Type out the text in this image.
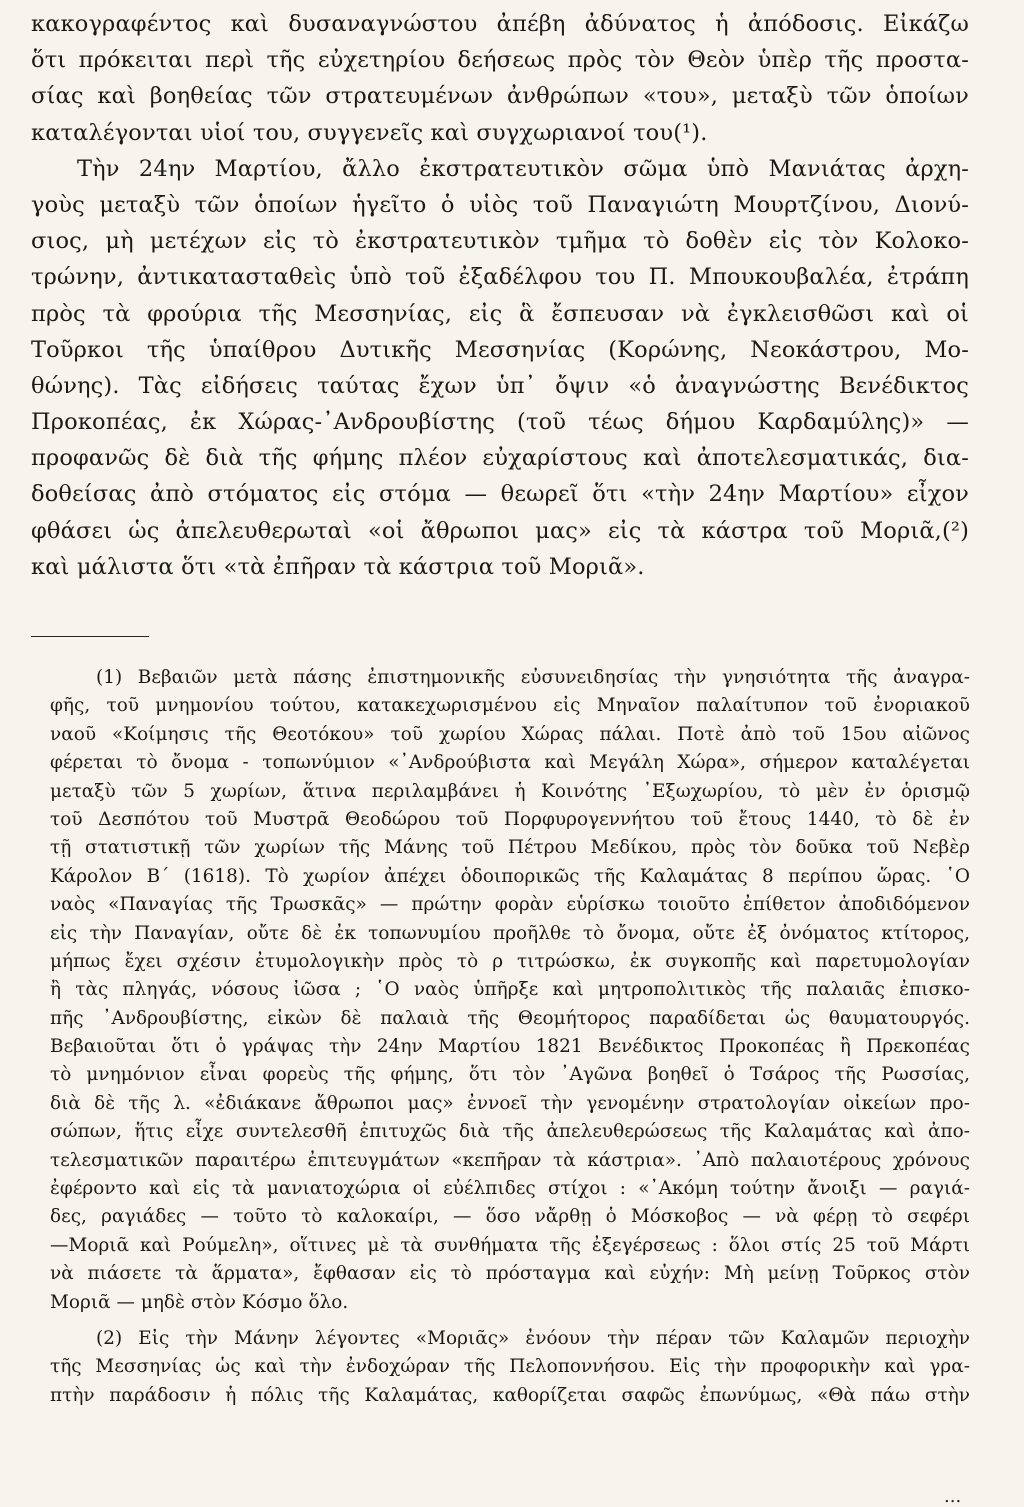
κακογραφέντος καὶ δυσαναγνώστου ἀπέβη ἀδύνατος ἡ ἀπόδοσις. Εἰκάζω
ὅτι πρόκειται περὶ τῆς εὐχετηρίου δεήσεως πρὸς τὸν Θεὸν ὑπὲρ τῆς προστα-
σίας καὶ βοηθείας τῶν στρατευμένων ἀνθρώπων «του», μεταξὺ τῶν ὁποίων
καταλέγονται υἱοί του, συγγενεῖς καὶ συγχωριανοί του(¹).
Τὴν 24ην Μαρτίου, ἄλλο ἐκστρατευτικὸν σῶμα ὑπὸ Μανιάτας ἀρχη-
γοὺς μεταξὺ τῶν ὁποίων ἡγεῖτο ὁ υἱὸς τοῦ Παναγιώτη Μουρτζίνου, Διονύ-
σιος, μὴ μετέχων εἰς τὸ ἐκστρατευτικὸν τμῆμα τὸ δοθὲν εἰς τὸν Κολοκο-
τρώνην, ἀντικατασταθεὶς ὑπὸ τοῦ ἐξαδέλφου του Π. Μπουκουβαλέα, ἐτράπη
πρὸς τὰ φρούρια τῆς Μεσσηνίας, εἰς ἃ ἔσπευσαν νὰ ἐγκλεισθῶσι καὶ οἱ
Τοῦρκοι τῆς ὑπαίθρου Δυτικῆς Μεσσηνίας (Κορώνης, Νεοκάστρου, Μο-
θώνης). Τὰς εἰδήσεις ταύτας ἔχων ὑπ᾽ ὄψιν «ὁ ἀναγνώστης Βενέδικτος
Προκοπέας, ἐκ Χώρας-᾿Ανδρουβίστης (τοῦ τέως δήμου Καρδαμύλης)» —
προφανῶς δὲ διὰ τῆς φήμης πλέον εὐχαρίστους καὶ ἀποτελεσματικάς, δια-
δοθείσας ἀπὸ στόματος εἰς στόμα — θεωρεῖ ὅτι «τὴν 24ην Μαρτίου» εἶχον
φθάσει ὡς ἀπελευθερωταὶ «οἱ ἄθρωποι μας» εἰς τὰ κάστρα τοῦ Μοριᾶ,(²)
καὶ μάλιστα ὅτι «τὰ ἐπῆραν τὰ κάστρια τοῦ Μοριᾶ».
(1) Βεβαιῶν μετὰ πάσης ἐπιστημονικῆς εὐσυνειδησίας τὴν γνησιότητα τῆς ἀναγρα-
φῆς, τοῦ μνημονίου τούτου, κατακεχωρισμένου εἰς Μηναῖον παλαίτυπον τοῦ ἐνοριακοῦ
ναοῦ «Κοίμησις τῆς Θεοτόκου» τοῦ χωρίου Χώρας πάλαι. Ποτὲ ἀπὸ τοῦ 15ου αἰῶνος
φέρεται τὸ ὄνομα - τοπωνύμιον «᾿Ανδρούβιστα καὶ Μεγάλη Χώρα», σήμερον καταλέγεται
μεταξὺ τῶν 5 χωρίων, ἅτινα περιλαμβάνει ἡ Κοινότης ᾿Εξωχωρίου, τὸ μὲν ἐν ὁρισμῷ
τοῦ Δεσπότου τοῦ Μυστρᾶ Θεοδώρου τοῦ Πορφυρογεννήτου τοῦ ἔτους 1440, τὸ δὲ ἐν
τῇ στατιστικῇ τῶν χωρίων τῆς Μάνης τοῦ Πέτρου Μεδίκου, πρὸς τὸν δοῦκα τοῦ Νεβὲρ
Κάρολον Β´ (1618). Τὸ χωρίον ἀπέχει ὁδοιπορικῶς τῆς Καλαμάτας 8 περίπου ὥρας. ῾Ο
ναὸς «Παναγίας τῆς Τρωσκᾶς» — πρώτην φορὰν εὑρίσκω τοιοῦτο ἐπίθετον ἀποδιδόμενον
εἰς τὴν Παναγίαν, οὔτε δὲ ἐκ τοπωνυμίου προῆλθε τὸ ὄνομα, οὔτε ἐξ ὀνόματος κτίτορος,
μήπως ἔχει σχέσιν ἐτυμολογικὴν πρὸς τὸ ρ τιτρώσκω, ἐκ συγκοπῆς καὶ παρετυμολογίαν
ἢ τὰς πληγάς, νόσους ἰῶσα ; ῾Ο ναὸς ὑπῆρξε καὶ μητροπολιτικὸς τῆς παλαιᾶς ἐπισκο-
πῆς ᾿Ανδρουβίστης, εἰκὼν δὲ παλαιὰ τῆς Θεομήτορος παραδίδεται ὡς θαυματουργός.
Βεβαιοῦται ὅτι ὁ γράψας τὴν 24ην Μαρτίου 1821 Βενέδικτος Προκοπέας ἢ Πρεκοπέας
τὸ μνημόνιον εἶναι φορεὺς τῆς φήμης, ὅτι τὸν ᾿Αγῶνα βοηθεῖ ὁ Τσάρος τῆς Ρωσσίας,
διὰ δὲ τῆς λ. «ἐδιάκανε ἄθρωποι μας» ἐννοεῖ τὴν γενομένην στρατολογίαν οἰκείων προ-
σώπων, ἥτις εἶχε συντελεσθῆ ἐπιτυχῶς διὰ τῆς ἀπελευθερώσεως τῆς Καλαμάτας καὶ ἀπο-
τελεσματικῶν παραιτέρω ἐπιτευγμάτων «κεπῆραν τὰ κάστρια». ᾿Απὸ παλαιοτέρους χρόνους
ἐφέροντο καὶ εἰς τὰ μανιατοχώρια οἱ εὐέλπιδες στίχοι : «᾿Ακόμη τούτην ἄνοιξι — ραγιά-
δες, ραγιάδες — τοῦτο τὸ καλοκαίρι, — ὅσο νἄρθῃ ὁ Μόσκοβος — νὰ φέρῃ τὸ σεφέρι
—Μοριᾶ καὶ Ρούμελη», οἵτινες μὲ τὰ συνθήματα τῆς ἐξεγέρσεως : ὅλοι στίς 25 τοῦ Μάρτι
νὰ πιάσετε τὰ ἅρματα», ἔφθασαν εἰς τὸ πρόσταγμα καὶ εὐχήν: Μὴ μείνῃ Τοῦρκος στὸν
Μοριᾶ — μηδὲ στὸν Κόσμο ὅλο.
(2) Εἰς τὴν Μάνην λέγοντες «Μοριᾶς» ἐνόουν τὴν πέραν τῶν Καλαμῶν περιοχὴν
τῆς Μεσσηνίας ὡς καὶ τὴν ἐνδοχώραν τῆς Πελοποννήσου. Εἰς τὴν προφορικὴν καὶ γρα-
πτὴν παράδοσιν ἡ πόλις τῆς Καλαμάτας, καθορίζεται σαφῶς ἐπωνύμως, «Θὰ πάω στὴν
...
